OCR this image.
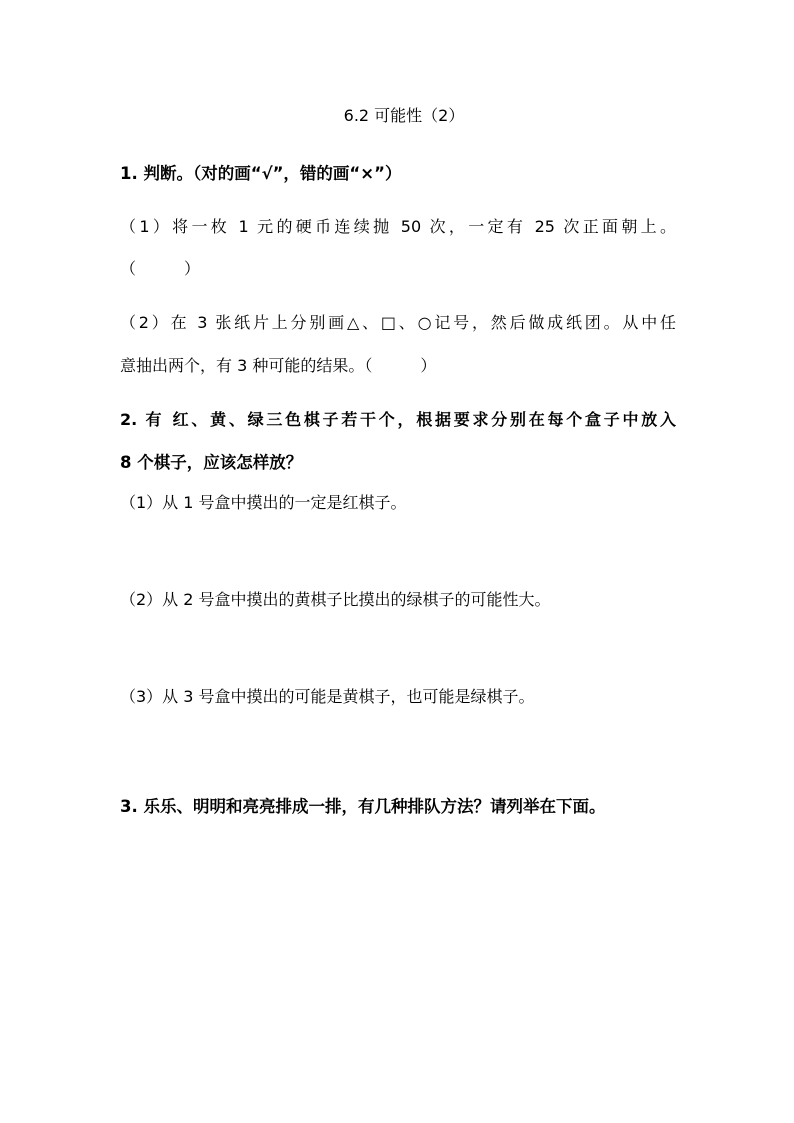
6.2 可能性（2）
1. 判断。（对的画“√”，错的画“×”）
（1）将一枚 1 元的硬币连续抛 50 次，一定有 25 次正面朝上。
（　　　）
（2）在 3 张纸片上分别画△、□、○记号，然后做成纸团。从中任
意抽出两个，有 3 种可能的结果。（　　　）
2. 有 红、黄、绿三色棋子若干个，根据要求分别在每个盒子中放入
8 个棋子，应该怎样放？
（1）从 1 号盒中摸出的一定是红棋子。
（2）从 2 号盒中摸出的黄棋子比摸出的绿棋子的可能性大。
（3）从 3 号盒中摸出的可能是黄棋子，也可能是绿棋子。
3. 乐乐、明明和亮亮排成一排，有几种排队方法？请列举在下面。
